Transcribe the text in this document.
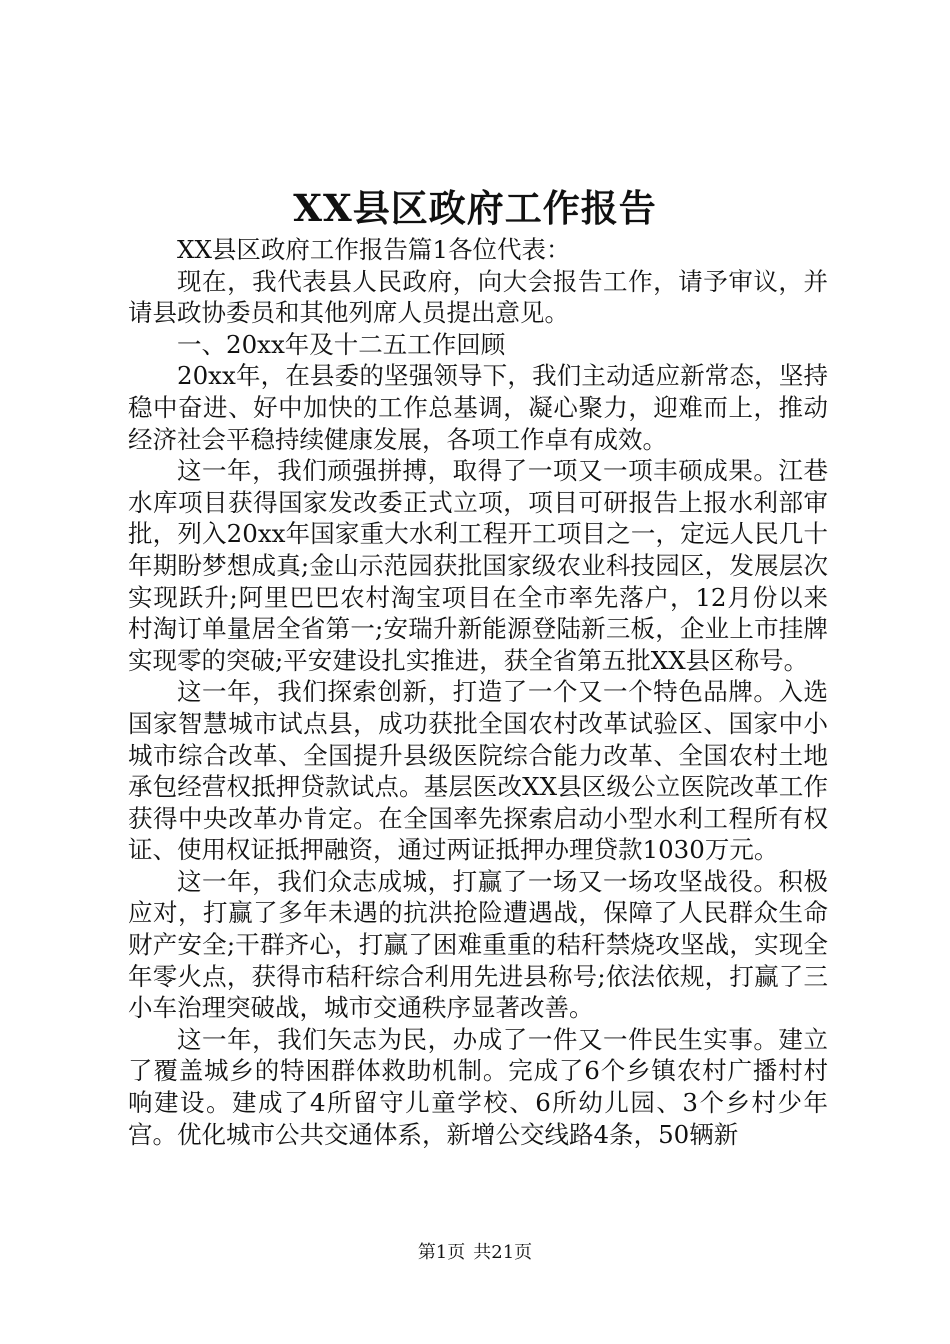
XX县区政府工作报告

XX县区政府工作报告篇1各位代表：

现在，我代表县人民政府，向大会报告工作，请予审议，并请县政协委员和其他列席人员提出意见。

一、20xx年及十二五工作回顾

20xx年，在县委的坚强领导下，我们主动适应新常态，坚持稳中奋进、好中加快的工作总基调，凝心聚力，迎难而上，推动经济社会平稳持续健康发展，各项工作卓有成效。

这一年，我们顽强拼搏，取得了一项又一项丰硕成果。江巷水库项目获得国家发改委正式立项，项目可研报告上报水利部审批，列入20xx年国家重大水利工程开工项目之一，定远人民几十年期盼梦想成真;金山示范园获批国家级农业科技园区，发展层次实现跃升;阿里巴巴农村淘宝项目在全市率先落户，12月份以来村淘订单量居全省第一;安瑞升新能源登陆新三板，企业上市挂牌实现零的突破;平安建设扎实推进，获全省第五批XX县区称号。

这一年，我们探索创新，打造了一个又一个特色品牌。入选国家智慧城市试点县，成功获批全国农村改革试验区、国家中小城市综合改革、全国提升县级医院综合能力改革、全国农村土地承包经营权抵押贷款试点。基层医改XX县区级公立医院改革工作获得中央改革办肯定。在全国率先探索启动小型水利工程所有权证、使用权证抵押融资，通过两证抵押办理贷款1030万元。

这一年，我们众志成城，打赢了一场又一场攻坚战役。积极应对，打赢了多年未遇的抗洪抢险遭遇战，保障了人民群众生命财产安全;干群齐心，打赢了困难重重的秸秆禁烧攻坚战，实现全年零火点，获得市秸秆综合利用先进县称号;依法依规，打赢了三小车治理突破战，城市交通秩序显著改善。

这一年，我们矢志为民，办成了一件又一件民生实事。建立了覆盖城乡的特困群体救助机制。完成了6个乡镇农村广播村村响建设。建成了4所留守儿童学校、6所幼儿园、3个乡村少年宫。优化城市公共交通体系，新增公交线路4条，50辆新

第1页 共21页
